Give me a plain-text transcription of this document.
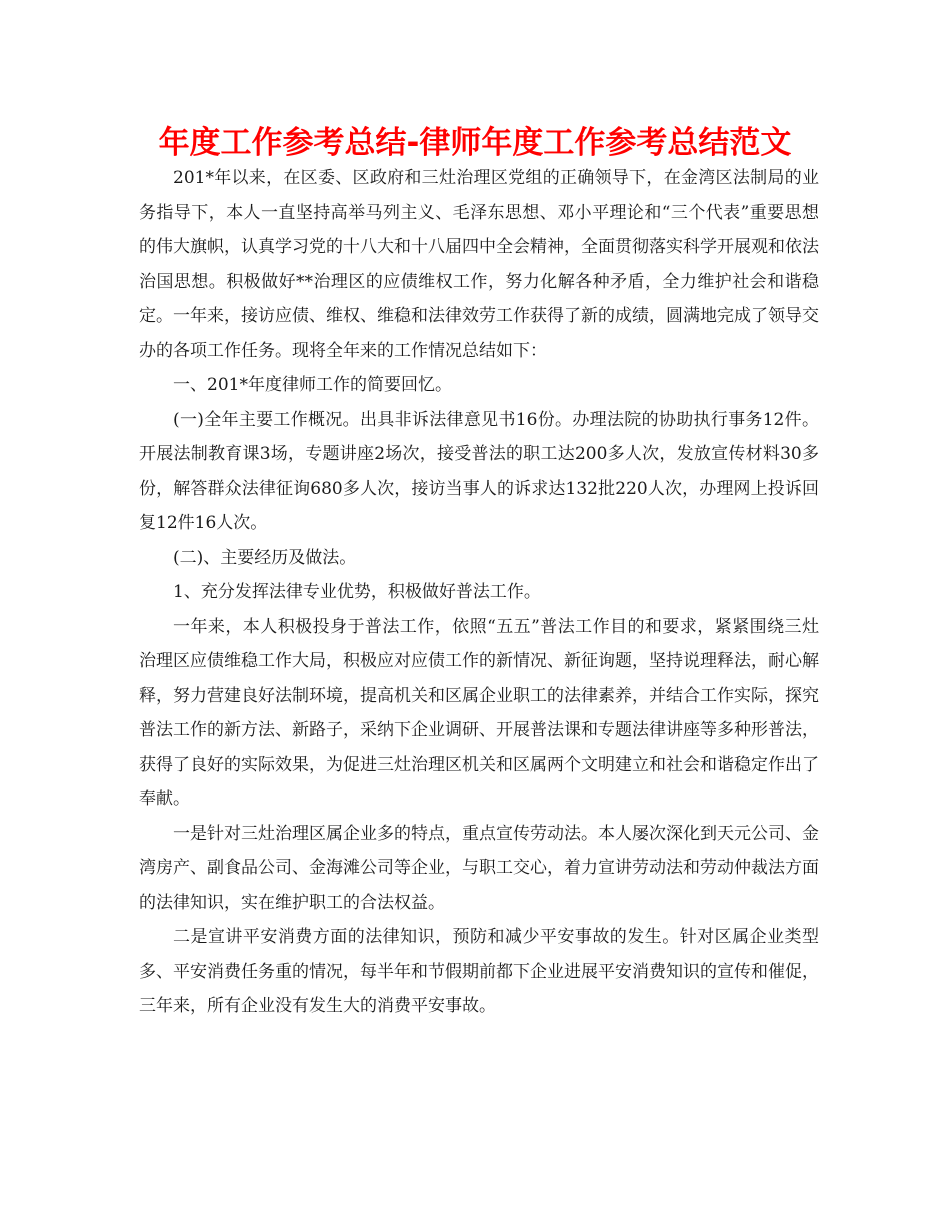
年度工作参考总结-律师年度工作参考总结范文

201*年以来，在区委、区政府和三灶治理区党组的正确领导下，在金湾区法制局的业务指导下，本人一直坚持高举马列主义、毛泽东思想、邓小平理论和“三个代表”重要思想的伟大旗帜，认真学习党的十八大和十八届四中全会精神，全面贯彻落实科学开展观和依法治国思想。积极做好**治理区的应债维权工作，努力化解各种矛盾，全力维护社会和谐稳定。一年来，接访应债、维权、维稳和法律效劳工作获得了新的成绩，圆满地完成了领导交办的各项工作任务。现将全年来的工作情况总结如下：

一、201*年度律师工作的简要回忆。

(一)全年主要工作概况。出具非诉法律意见书16份。办理法院的协助执行事务12件。开展法制教育课3场，专题讲座2场次，接受普法的职工达200多人次，发放宣传材料30多份，解答群众法律征询680多人次，接访当事人的诉求达132批220人次，办理网上投诉回复12件16人次。

(二)、主要经历及做法。

1、充分发挥法律专业优势，积极做好普法工作。

一年来，本人积极投身于普法工作，依照“五五”普法工作目的和要求，紧紧围绕三灶治理区应债维稳工作大局，积极应对应债工作的新情况、新征询题，坚持说理释法，耐心解释，努力营建良好法制环境，提高机关和区属企业职工的法律素养，并结合工作实际，探究普法工作的新方法、新路子，采纳下企业调研、开展普法课和专题法律讲座等多种形普法，获得了良好的实际效果，为促进三灶治理区机关和区属两个文明建立和社会和谐稳定作出了奉献。

一是针对三灶治理区属企业多的特点，重点宣传劳动法。本人屡次深化到天元公司、金湾房产、副食品公司、金海滩公司等企业，与职工交心，着力宣讲劳动法和劳动仲裁法方面的法律知识，实在维护职工的合法权益。

二是宣讲平安消费方面的法律知识，预防和减少平安事故的发生。针对区属企业类型多、平安消费任务重的情况，每半年和节假期前都下企业进展平安消费知识的宣传和催促，三年来，所有企业没有发生大的消费平安事故。
